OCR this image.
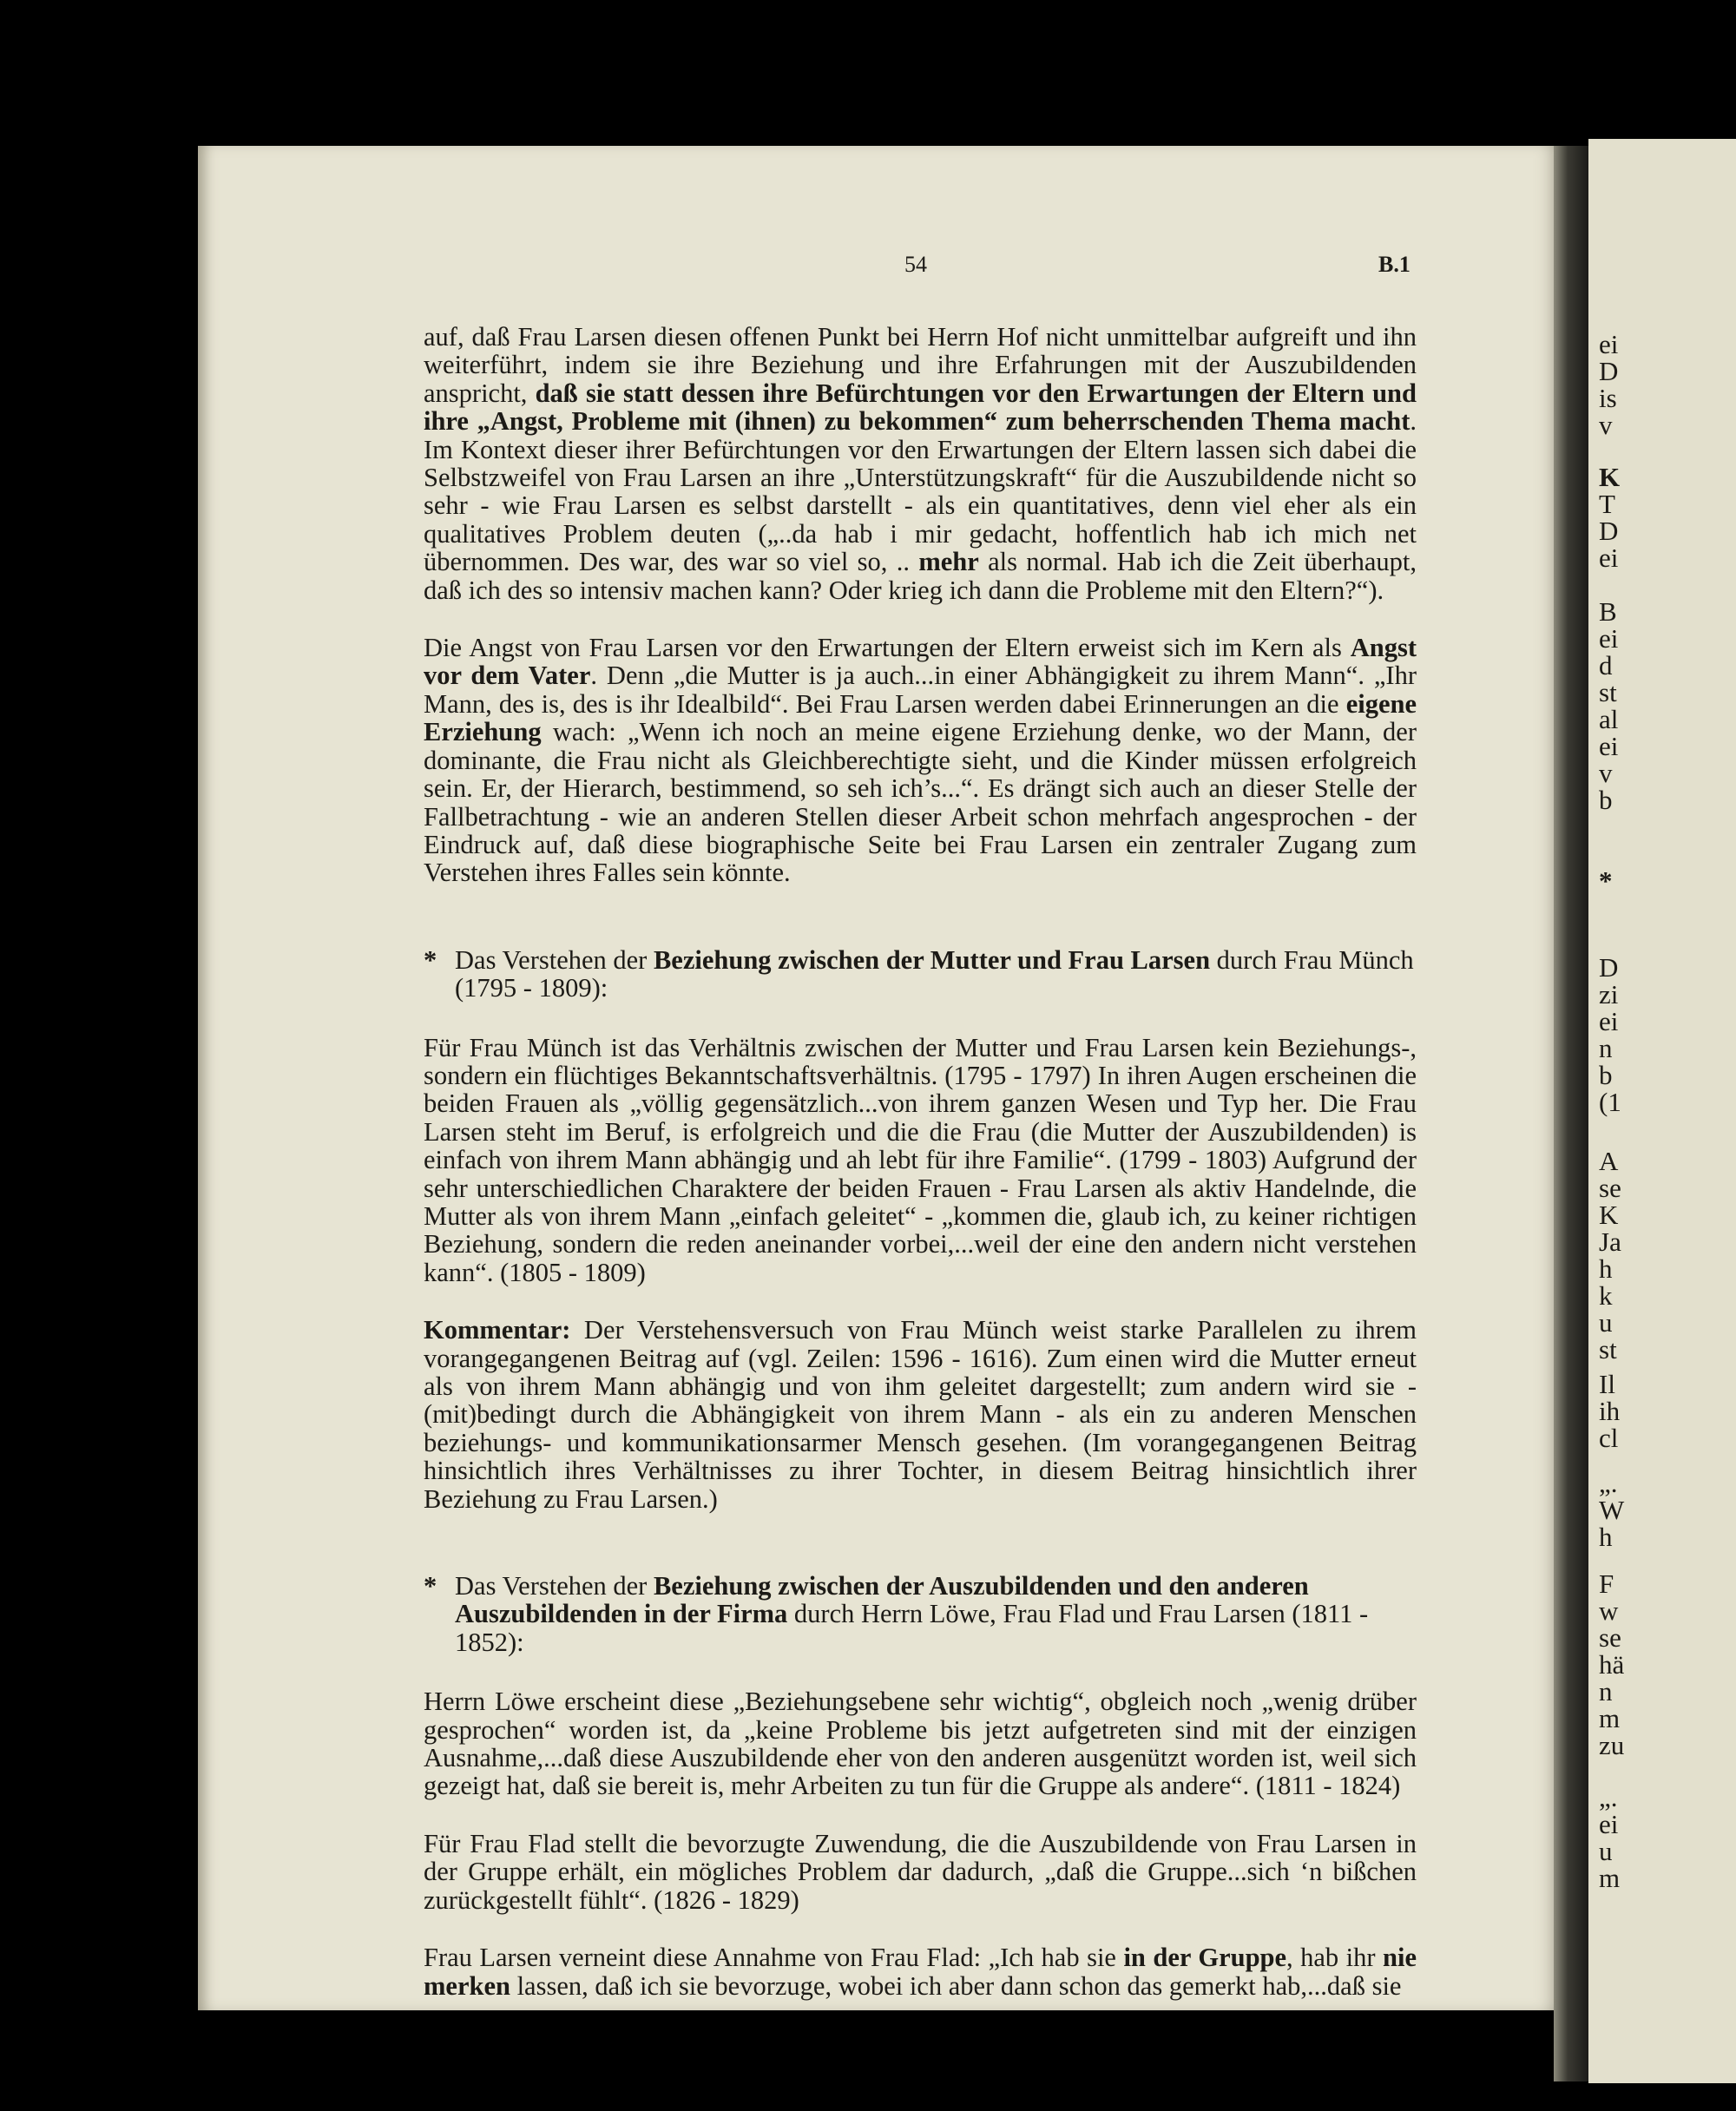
ei
D
is
v
K
T
D
ei
B
ei
d
st
al
ei
v
b
*
D
zi
ei
n
b
(1
A
se
K
Ja
h
k
u
st
Il
ih
cl
„.
W
h
F
w
se
hä
n
m
zu
„.
ei
u
m
54	B.1

auf, daß Frau Larsen diesen offenen Punkt bei Herrn Hof nicht unmittelbar aufgreift und ihn weiterführt, indem sie ihre Beziehung und ihre Erfahrungen mit der Auszubildenden anspricht, daß sie statt dessen ihre Befürchtungen vor den Erwartungen der Eltern und ihre „Angst, Probleme mit (ihnen) zu bekommen“ zum beherrschenden Thema macht. Im Kontext dieser ihrer Befürchtungen vor den Erwartungen der Eltern lassen sich dabei die Selbstzweifel von Frau Larsen an ihre „Unterstützungskraft“ für die Auszubildende nicht so sehr - wie Frau Larsen es selbst darstellt - als ein quantitatives, denn viel eher als ein qualitatives Problem deuten („..da hab i mir gedacht, hoffentlich hab ich mich net übernommen. Des war, des war so viel so, .. mehr als normal. Hab ich die Zeit überhaupt, daß ich des so intensiv machen kann? Oder krieg ich dann die Probleme mit den Eltern?“).

Die Angst von Frau Larsen vor den Erwartungen der Eltern erweist sich im Kern als Angst vor dem Vater. Denn „die Mutter is ja auch...in einer Abhängigkeit zu ihrem Mann“. „Ihr Mann, des is, des is ihr Idealbild“. Bei Frau Larsen werden dabei Erinnerungen an die eigene Erziehung wach: „Wenn ich noch an meine eigene Erziehung denke, wo der Mann, der dominante, die Frau nicht als Gleichberechtigte sieht, und die Kinder müssen erfolgreich sein. Er, der Hierarch, bestimmend, so seh ich’s...“. Es drängt sich auch an dieser Stelle der Fallbetrachtung - wie an anderen Stellen dieser Arbeit schon mehrfach angesprochen - der Eindruck auf, daß diese biographische Seite bei Frau Larsen ein zentraler Zugang zum Verstehen ihres Falles sein könnte.

* Das Verstehen der Beziehung zwischen der Mutter und Frau Larsen durch Frau Münch (1795 - 1809):

Für Frau Münch ist das Verhältnis zwischen der Mutter und Frau Larsen kein Beziehungs-, sondern ein flüchtiges Bekanntschaftsverhältnis. (1795 - 1797) In ihren Augen erscheinen die beiden Frauen als „völlig gegensätzlich...von ihrem ganzen Wesen und Typ her. Die Frau Larsen steht im Beruf, is erfolgreich und die die Frau (die Mutter der Auszubildenden) is einfach von ihrem Mann abhängig und ah lebt für ihre Familie“. (1799 - 1803) Aufgrund der sehr unterschiedlichen Charaktere der beiden Frauen - Frau Larsen als aktiv Handelnde, die Mutter als von ihrem Mann „einfach geleitet“ - „kommen die, glaub ich, zu keiner richtigen Beziehung, sondern die reden aneinander vorbei,...weil der eine den andern nicht verstehen kann“. (1805 - 1809)

Kommentar: Der Verstehensversuch von Frau Münch weist starke Parallelen zu ihrem vorangegangenen Beitrag auf (vgl. Zeilen: 1596 - 1616). Zum einen wird die Mutter erneut als von ihrem Mann abhängig und von ihm geleitet dargestellt; zum andern wird sie - (mit)bedingt durch die Abhängigkeit von ihrem Mann - als ein zu anderen Menschen beziehungs- und kommunikationsarmer Mensch gesehen. (Im vorangegangenen Beitrag hinsichtlich ihres Verhältnisses zu ihrer Tochter, in diesem Beitrag hinsichtlich ihrer Beziehung zu Frau Larsen.)

* Das Verstehen der Beziehung zwischen der Auszubildenden und den anderen Auszubildenden in der Firma durch Herrn Löwe, Frau Flad und Frau Larsen (1811 - 1852):

Herrn Löwe erscheint diese „Beziehungsebene sehr wichtig“, obgleich noch „wenig drüber gesprochen“ worden ist, da „keine Probleme bis jetzt aufgetreten sind mit der einzigen Ausnahme,...daß diese Auszubildende eher von den anderen ausgenützt worden ist, weil sich gezeigt hat, daß sie bereit is, mehr Arbeiten zu tun für die Gruppe als andere“. (1811 - 1824)

Für Frau Flad stellt die bevorzugte Zuwendung, die die Auszubildende von Frau Larsen in der Gruppe erhält, ein mögliches Problem dar dadurch, „daß die Gruppe...sich ‘n bißchen zurückgestellt fühlt“. (1826 - 1829)

Frau Larsen verneint diese Annahme von Frau Flad: „Ich hab sie in der Gruppe, hab ihr nie merken lassen, daß ich sie bevorzuge, wobei ich aber dann schon das gemerkt hab,...daß sie
